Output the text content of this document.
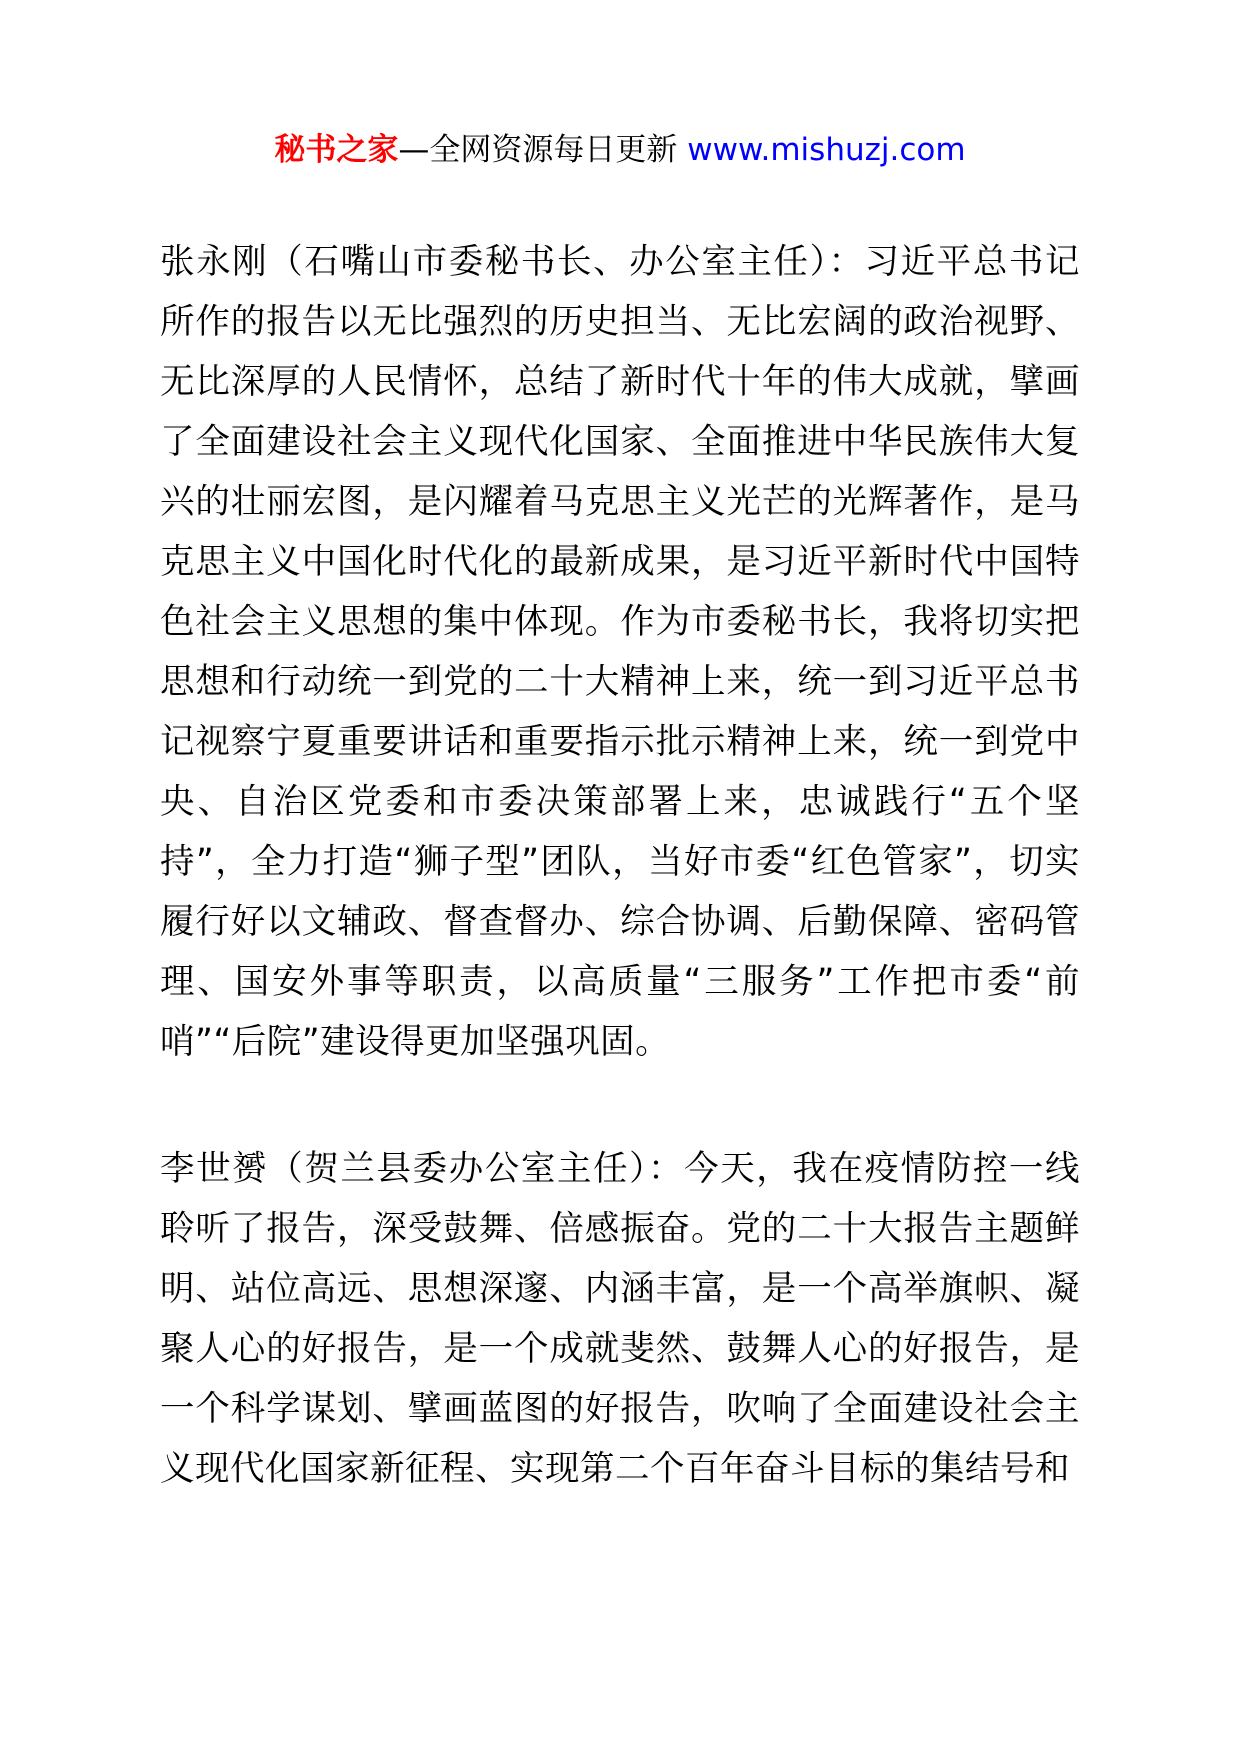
秘书之家—全网资源每日更新 www.mishuzj.com

张永刚（石嘴山市委秘书长、办公室主任）：习近平总书记所作的报告以无比强烈的历史担当、无比宏阔的政治视野、无比深厚的人民情怀，总结了新时代十年的伟大成就，擘画了全面建设社会主义现代化国家、全面推进中华民族伟大复兴的壮丽宏图，是闪耀着马克思主义光芒的光辉著作，是马克思主义中国化时代化的最新成果，是习近平新时代中国特色社会主义思想的集中体现。作为市委秘书长，我将切实把思想和行动统一到党的二十大精神上来，统一到习近平总书记视察宁夏重要讲话和重要指示批示精神上来，统一到党中央、自治区党委和市委决策部署上来，忠诚践行“五个坚持”，全力打造“狮子型”团队，当好市委“红色管家”，切实履行好以文辅政、督查督办、综合协调、后勤保障、密码管理、国安外事等职责，以高质量“三服务”工作把市委“前哨”“后院”建设得更加坚强巩固。

李世赟（贺兰县委办公室主任）：今天，我在疫情防控一线聆听了报告，深受鼓舞、倍感振奋。党的二十大报告主题鲜明、站位高远、思想深邃、内涵丰富，是一个高举旗帜、凝聚人心的好报告，是一个成就斐然、鼓舞人心的好报告，是一个科学谋划、擘画蓝图的好报告，吹响了全面建设社会主义现代化国家新征程、实现第二个百年奋斗目标的集结号和
